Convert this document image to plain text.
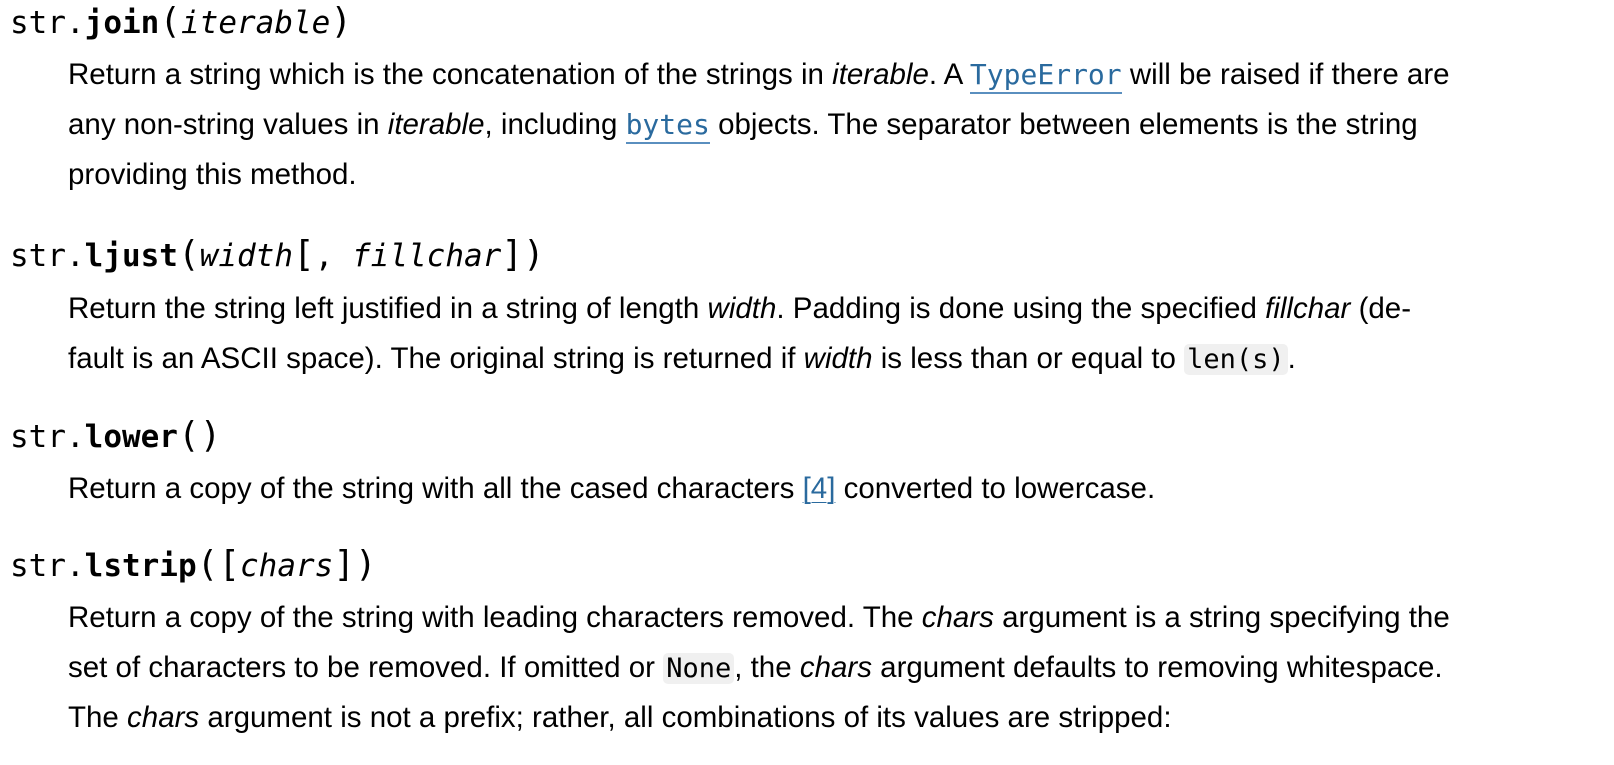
str.join(iterable)
Return a string which is the concatenation of the strings in iterable. A TypeError will be raised if there are
any non-string values in iterable, including bytes objects. The separator between elements is the string
providing this method.
str.ljust(width[, fillchar])
Return the string left justified in a string of length width. Padding is done using the specified fillchar (de-
fault is an ASCII space). The original string is returned if width is less than or equal to len(s) .
str.lower()
Return a copy of the string with all the cased characters [4] converted to lowercase.
str.lstrip([chars])
Return a copy of the string with leading characters removed. The chars argument is a string specifying the
set of characters to be removed. If omitted or None , the chars argument defaults to removing whitespace.
The chars argument is not a prefix; rather, all combinations of its values are stripped:
